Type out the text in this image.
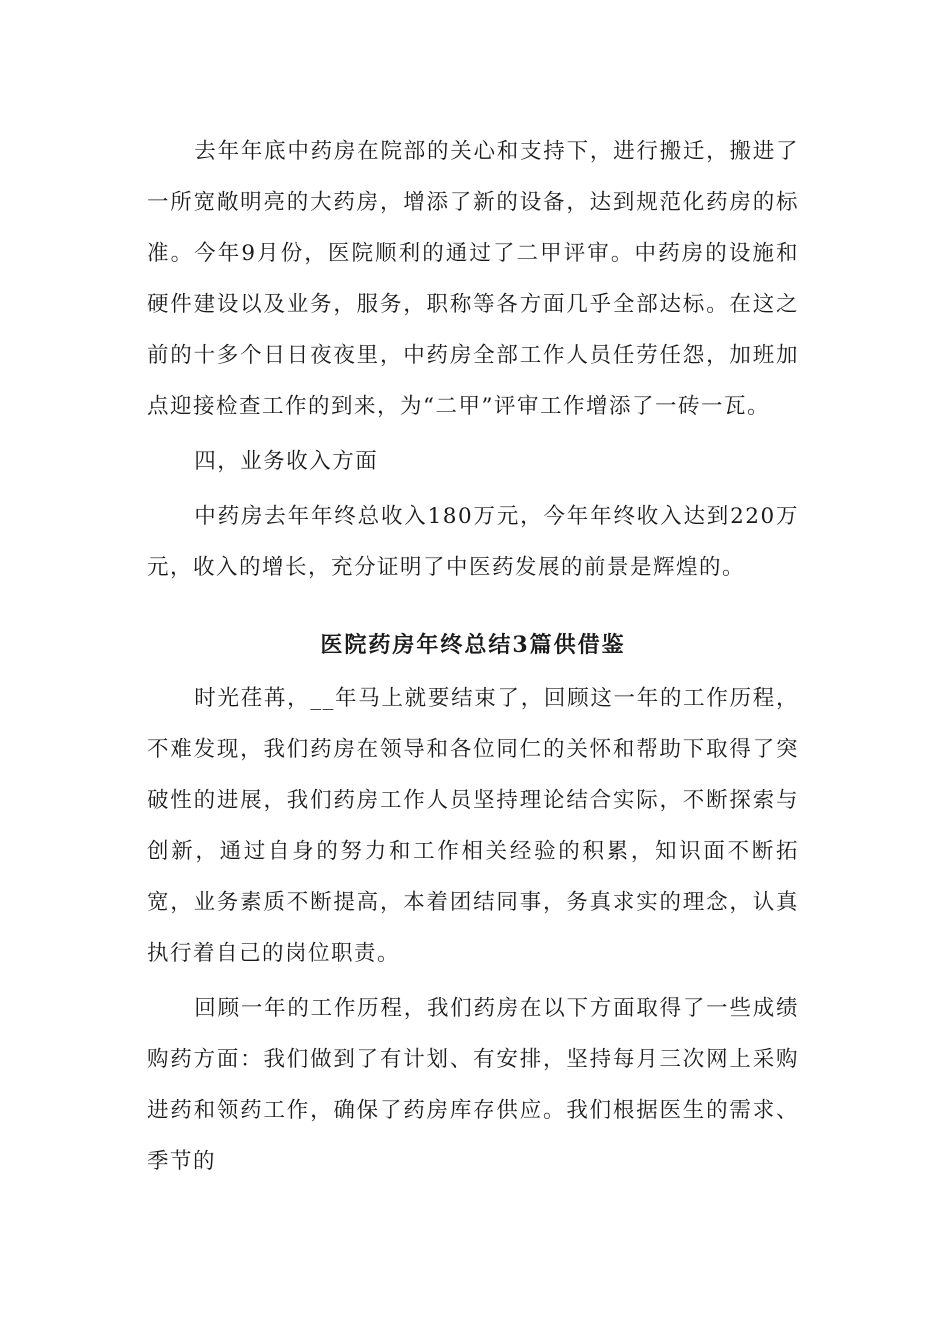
去年年底中药房在院部的关心和支持下，进行搬迁，搬进了一所宽敞明亮的大药房，增添了新的设备，达到规范化药房的标准。今年9月份，医院顺利的通过了二甲评审。中药房的设施和硬件建设以及业务，服务，职称等各方面几乎全部达标。在这之前的十多个日日夜夜里，中药房全部工作人员任劳任怨，加班加点迎接检查工作的到来，为“二甲”评审工作增添了一砖一瓦。

四，业务收入方面

中药房去年年终总收入180万元，今年年终收入达到220万元，收入的增长，充分证明了中医药发展的前景是辉煌的。

医院药房年终总结3篇供借鉴

时光荏苒，__年马上就要结束了，回顾这一年的工作历程，不难发现，我们药房在领导和各位同仁的关怀和帮助下取得了突破性的进展，我们药房工作人员坚持理论结合实际，不断探索与创新，通过自身的努力和工作相关经验的积累，知识面不断拓宽，业务素质不断提高，本着团结同事，务真求实的理念，认真执行着自己的岗位职责。

回顾一年的工作历程，我们药房在以下方面取得了一些成绩购药方面：我们做到了有计划、有安排，坚持每月三次网上采购进药和领药工作，确保了药房库存供应。我们根据医生的需求、季节的
